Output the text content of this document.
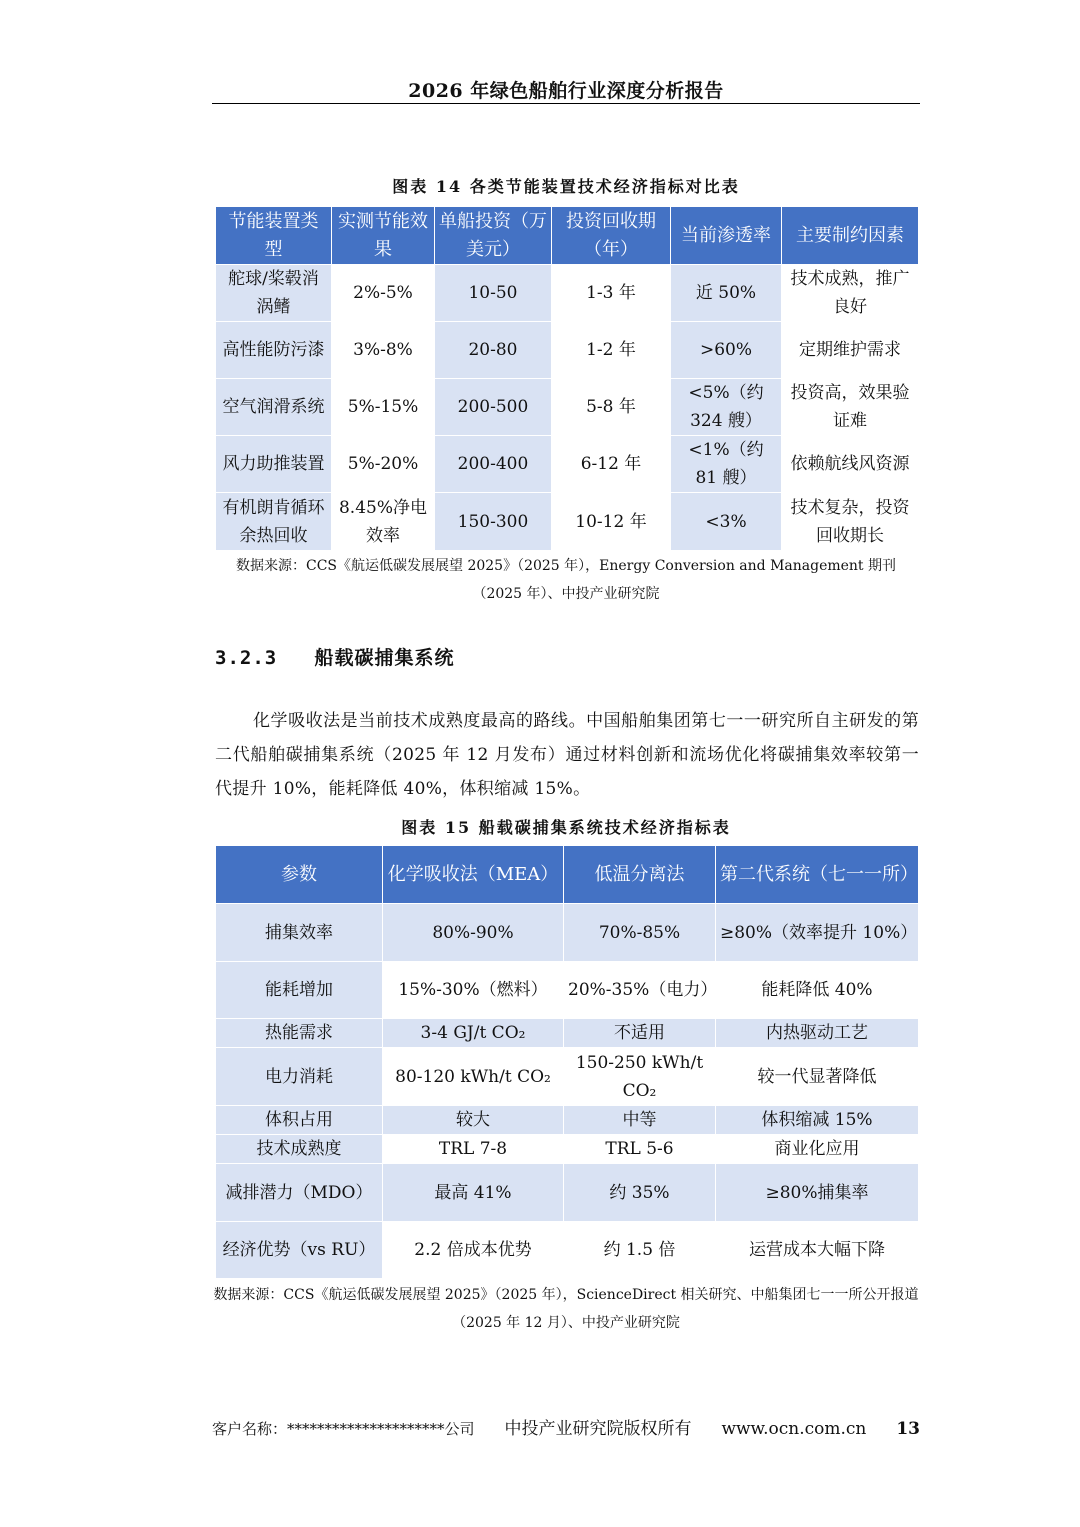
2026 年绿色船舶行业深度分析报告
图表 14 各类节能装置技术经济指标对比表
节能装置类型	实测节能效果	单船投资（万美元）	投资回收期（年）	当前渗透率	主要制约因素
舵球/桨毂消涡鳍	2%-5%	10-50	1-3 年	近 50%	技术成熟，推广良好
高性能防污漆	3%-8%	20-80	1-2 年	>60%	定期维护需求
空气润滑系统	5%-15%	200-500	5-8 年	<5%（约 324 艘）	投资高，效果验证难
风力助推装置	5%-20%	200-400	6-12 年	<1%（约 81 艘）	依赖航线风资源
有机朗肯循环余热回收	8.45%净电效率	150-300	10-12 年	<3%	技术复杂，投资回收期长
数据来源：CCS《航运低碳发展展望 2025》（2025 年），Energy Conversion and Management 期刊（2025 年）、中投产业研究院
3.2.3 船载碳捕集系统
化学吸收法是当前技术成熟度最高的路线。中国船舶集团第七一一研究所自主研发的第二代船舶碳捕集系统（2025 年 12 月发布）通过材料创新和流场优化将碳捕集效率较第一代提升 10%，能耗降低 40%，体积缩减 15%。
图表 15 船载碳捕集系统技术经济指标表
参数	化学吸收法（MEA）	低温分离法	第二代系统（七一一所）
捕集效率	80%-90%	70%-85%	≥80%（效率提升 10%）
能耗增加	15%-30%（燃料）	20%-35%（电力）	能耗降低 40%
热能需求	3-4 GJ/t CO₂	不适用	内热驱动工艺
电力消耗	80-120 kWh/t CO₂	150-250 kWh/t CO₂	较一代显著降低
体积占用	较大	中等	体积缩减 15%
技术成熟度	TRL 7-8	TRL 5-6	商业化应用
减排潜力（MDO）	最高 41%	约 35%	≥80%捕集率
经济优势（vs RU）	2.2 倍成本优势	约 1.5 倍	运营成本大幅下降
数据来源：CCS《航运低碳发展展望 2025》（2025 年），ScienceDirect 相关研究、中船集团七一一所公开报道（2025 年 12 月）、中投产业研究院
客户名称：*********************公司 中投产业研究院版权所有 www.ocn.com.cn 13
